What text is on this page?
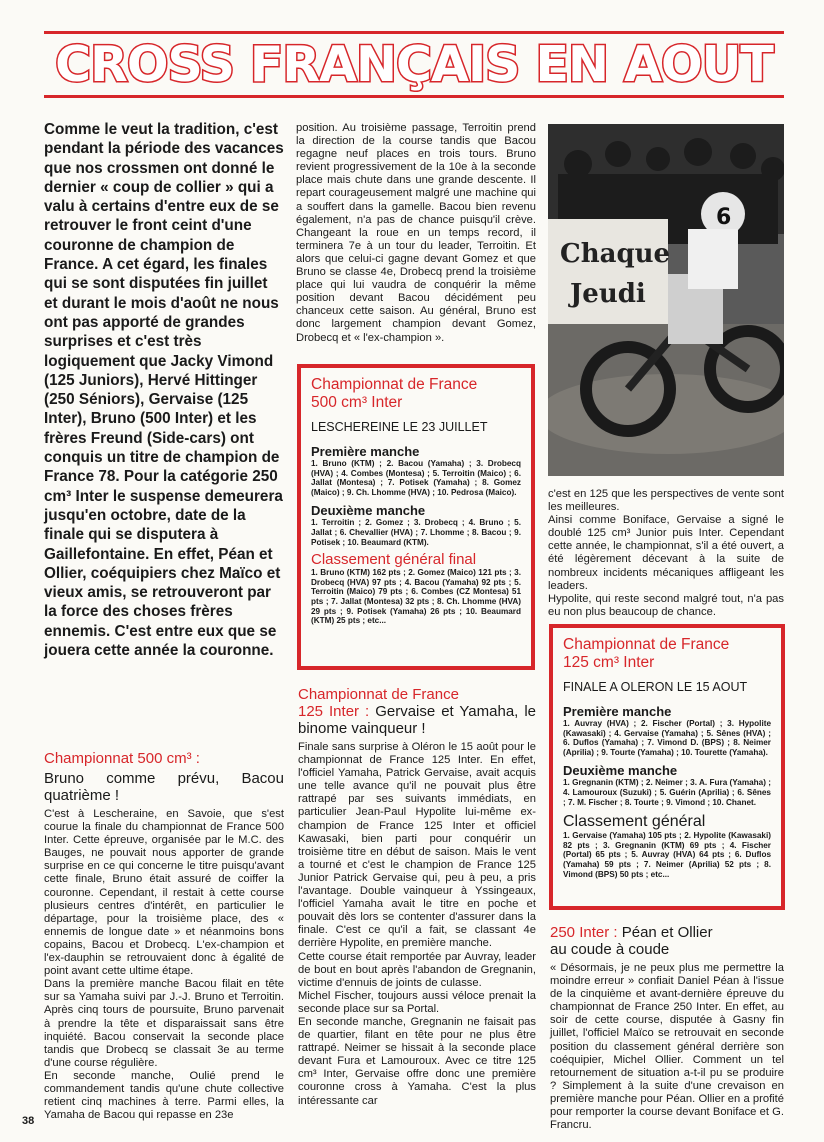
CROSS FRANÇAIS EN AOUT
Comme le veut la tradition, c'est pendant la période des vacances que nos crossmen ont donné le dernier « coup de collier » qui a valu à certains d'entre eux de se retrouver le front ceint d'une couronne de champion de France. A cet égard, les finales qui se sont disputées fin juillet et durant le mois d'août ne nous ont pas apporté de grandes surprises et c'est très logiquement que Jacky Vimond (125 Juniors), Hervé Hittinger (250 Séniors), Gervaise (125 Inter), Bruno (500 Inter) et les frères Freund (Side-cars) ont conquis un titre de champion de France 78. Pour la catégorie 250 cm³ Inter le suspense demeurera jusqu'en octobre, date de la finale qui se disputera à Gaillefontaine. En effet, Péan et Ollier, coéquipiers chez Maïco et vieux amis, se retrouveront par la force des choses frères ennemis. C'est entre eux que se jouera cette année la couronne.
Championnat 500 cm³ :
Bruno comme prévu, Bacou quatrième !

C'est à Lescheraine, en Savoie, que s'est courue la finale du championnat de France 500 Inter. Cette épreuve, organisée par le M.C. des Bauges, ne pouvait nous apporter de grande surprise en ce qui concerne le titre puisqu'avant cette finale, Bruno était assuré de coiffer la couronne. Cependant, il restait à cette course plusieurs centres d'intérêt, en particulier le départage, pour la troisième place, des « ennemis de longue date » et néanmoins bons copains, Bacou et Drobecq. L'ex-champion et l'ex-dauphin se retrouvaient donc à égalité de point avant cette ultime étape.

Dans la première manche Bacou filait en tête sur sa Yamaha suivi par J.-J. Bruno et Terroitin. Après cinq tours de poursuite, Bruno parvenait à prendre la tête et disparaissait sans être inquiété. Bacou conservait la seconde place tandis que Drobecq se classait 3e au terme d'une course régulière.

En seconde manche, Oulié prend le commandement tandis qu'une chute collective retient cinq machines à terre. Parmi elles, la Yamaha de Bacou qui repasse en 23e

position. Au troisième passage, Terroitin prend la direction de la course tandis que Bacou regagne neuf places en trois tours. Bruno revient progressivement de la 10e à la seconde place mais chute dans une grande descente. Il repart courageusement malgré une machine qui a souffert dans la gamelle. Bacou bien revenu également, n'a pas de chance puisqu'il crève. Changeant la roue en un temps record, il terminera 7e à un tour du leader, Terroitin. Et alors que celui-ci gagne devant Gomez et que Bruno se classe 4e, Drobecq prend la troisième place qui lui vaudra de conquérir la même position devant Bacou décidément peu chanceux cette saison. Au général, Bruno est donc largement champion devant Gomez, Drobecq et « l'ex-champion ».

Championnat de France
500 cm³ Inter
LESCHEREINE LE 23 JUILLET
Première manche
1. Bruno (KTM) ; 2. Bacou (Yamaha) ; 3. Drobecq (HVA) ; 4. Combes (Montesa) ; 5. Terroitin (Maico) ; 6. Jallat (Montesa) ; 7. Potisek (Yamaha) ; 8. Gomez (Maico) ; 9. Ch. Lhomme (HVA) ; 10. Pedrosa (Maico).
Deuxième manche
1. Terroitin ; 2. Gomez ; 3. Drobecq ; 4. Bruno ; 5. Jallat ; 6. Chevallier (HVA) ; 7. Lhomme ; 8. Bacou ; 9. Potisek ; 10. Beaumard (KTM).
Classement général final
1. Bruno (KTM) 162 pts ; 2. Gomez (Maico) 121 pts ; 3. Drobecq (HVA) 97 pts ; 4. Bacou (Yamaha) 92 pts ; 5. Terroitin (Maico) 79 pts ; 6. Combes (CZ Montesa) 51 pts ; 7. Jallat (Montesa) 32 pts ; 8. Ch. Lhomme (HVA) 29 pts ; 9. Potisek (Yamaha) 26 pts ; 10. Beaumard (KTM) 25 pts ; etc...
Championnat de France
125 Inter : Gervaise et Yamaha, le binome vainqueur !

Finale sans surprise à Oléron le 15 août pour le championnat de France 125 Inter. En effet, l'officiel Yamaha, Patrick Gervaise, avait acquis une telle avance qu'il ne pouvait plus être rattrapé par ses suivants immédiats, en particulier Jean-Paul Hypolite lui-même ex-champion de France 125 Inter et officiel Kawasaki, bien parti pour conquérir un troisième titre en début de saison. Mais le vent a tourné et c'est le champion de France 125 Junior Patrick Gervaise qui, peu à peu, a pris l'avantage. Double vainqueur à Yssingeaux, l'officiel Yamaha avait le titre en poche et pouvait dès lors se contenter d'assurer dans la finale. C'est ce qu'il a fait, se classant 4e derrière Hypolite, en première manche.

Cette course était remportée par Auvray, leader de bout en bout après l'abandon de Gregnanin, victime d'ennuis de joints de culasse.

Michel Fischer, toujours aussi véloce prenait la seconde place sur sa Portal.

En seconde manche, Gregnanin ne faisait pas de quartier, filant en tête pour ne plus être rattrapé. Neimer se hissait à la seconde place devant Fura et Lamouroux. Avec ce titre 125 cm³ Inter, Gervaise offre donc une première couronne cross à Yamaha. C'est la plus intéressante car

Chaque
Jeudi
6

c'est en 125 que les perspectives de vente sont les meilleures.

Ainsi comme Boniface, Gervaise a signé le doublé 125 cm³ Junior puis Inter. Cependant cette année, le championnat, s'il a été ouvert, a été légèrement décevant à la suite de nombreux incidents mécaniques affligeant les leaders.

Hypolite, qui reste second malgré tout, n'a pas eu non plus beaucoup de chance.

Championnat de France
125 cm³ Inter
FINALE A OLERON LE 15 AOUT
Première manche
1. Auvray (HVA) ; 2. Fischer (Portal) ; 3. Hypolite (Kawasaki) ; 4. Gervaise (Yamaha) ; 5. Sênes (HVA) ; 6. Duflos (Yamaha) ; 7. Vimond D. (BPS) ; 8. Neimer (Aprilia) ; 9. Tourte (Yamaha) ; 10. Tourette (Yamaha).
Deuxième manche
1. Gregnanin (KTM) ; 2. Neimer ; 3. A. Fura (Yamaha) ; 4. Lamouroux (Suzuki) ; 5. Guérin (Aprilia) ; 6. Sênes ; 7. M. Fischer ; 8. Tourte ; 9. Vimond ; 10. Chanet.
Classement général
1. Gervaise (Yamaha) 105 pts ; 2. Hypolite (Kawasaki) 82 pts ; 3. Gregnanin (KTM) 69 pts ; 4. Fischer (Portal) 65 pts ; 5. Auvray (HVA) 64 pts ; 6. Duflos (Yamaha) 59 pts ; 7. Neimer (Aprilia) 52 pts ; 8. Vimond (BPS) 50 pts ; etc...
250 Inter : Péan et Ollier
au coude à coude

« Désormais, je ne peux plus me permettre la moindre erreur » confiait Daniel Péan à l'issue de la cinquième et avant-dernière épreuve du championnat de France 250 Inter. En effet, au soir de cette course, disputée à Gasny fin juillet, l'officiel Maïco se retrouvait en seconde position du classement général derrière son coéquipier, Michel Ollier. Comment un tel retournement de situation a-t-il pu se produire ? Simplement à la suite d'une crevaison en première manche pour Péan. Ollier en a profité pour remporter la course devant Boniface et G. Francru.

38
